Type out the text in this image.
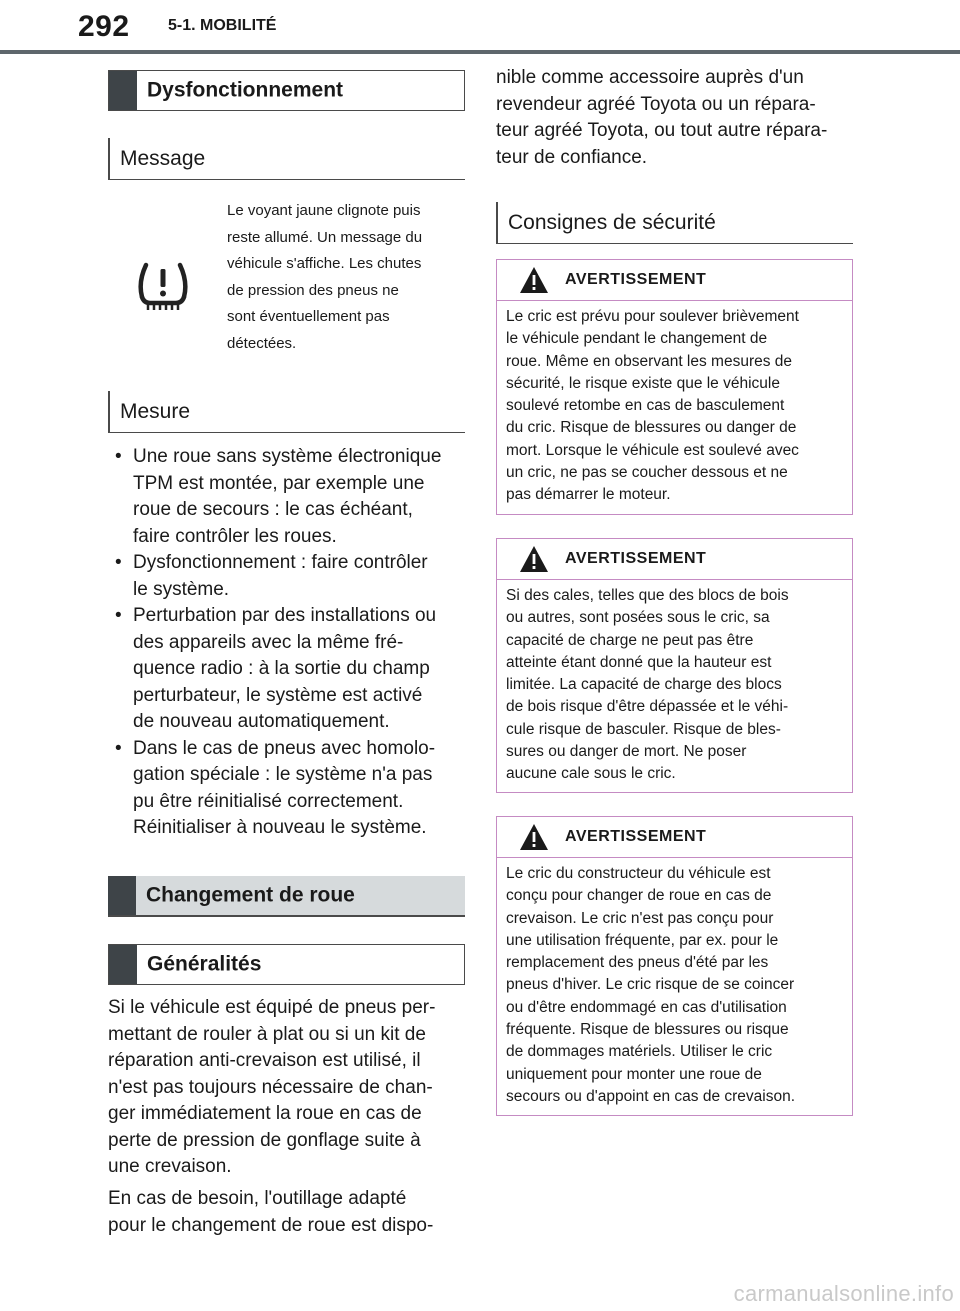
292 5-1. MOBILITÉ
Dysfonctionnement
Message
Le voyant jaune clignote puis
reste allumé. Un message du
véhicule s'affiche. Les chutes
de pression des pneus ne
sont éventuellement pas
détectées.
Mesure
• Une roue sans système électronique
TPM est montée, par exemple une
roue de secours : le cas échéant,
faire contrôler les roues.
• Dysfonctionnement : faire contrôler
le système.
• Perturbation par des installations ou
des appareils avec la même fré-
quence radio : à la sortie du champ
perturbateur, le système est activé
de nouveau automatiquement.
• Dans le cas de pneus avec homolo-
gation spéciale : le système n'a pas
pu être réinitialisé correctement.
Réinitialiser à nouveau le système.
Changement de roue
Généralités
Si le véhicule est équipé de pneus per-
mettant de rouler à plat ou si un kit de
réparation anti-crevaison est utilisé, il
n'est pas toujours nécessaire de chan-
ger immédiatement la roue en cas de
perte de pression de gonflage suite à
une crevaison.
En cas de besoin, l'outillage adapté
pour le changement de roue est dispo-
nible comme accessoire auprès d'un
revendeur agréé Toyota ou un répara-
teur agréé Toyota, ou tout autre répara-
teur de confiance.
Consignes de sécurité
AVERTISSEMENT
Le cric est prévu pour soulever brièvement
le véhicule pendant le changement de
roue. Même en observant les mesures de
sécurité, le risque existe que le véhicule
soulevé retombe en cas de basculement
du cric. Risque de blessures ou danger de
mort. Lorsque le véhicule est soulevé avec
un cric, ne pas se coucher dessous et ne
pas démarrer le moteur.
AVERTISSEMENT
Si des cales, telles que des blocs de bois
ou autres, sont posées sous le cric, sa
capacité de charge ne peut pas être
atteinte étant donné que la hauteur est
limitée. La capacité de charge des blocs
de bois risque d'être dépassée et le véhi-
cule risque de basculer. Risque de bles-
sures ou danger de mort. Ne poser
aucune cale sous le cric.
AVERTISSEMENT
Le cric du constructeur du véhicule est
conçu pour changer de roue en cas de
crevaison. Le cric n'est pas conçu pour
une utilisation fréquente, par ex. pour le
remplacement des pneus d'été par les
pneus d'hiver. Le cric risque de se coincer
ou d'être endommagé en cas d'utilisation
fréquente. Risque de blessures ou risque
de dommages matériels. Utiliser le cric
uniquement pour monter une roue de
secours ou d'appoint en cas de crevaison.
carmanualsonline.info
